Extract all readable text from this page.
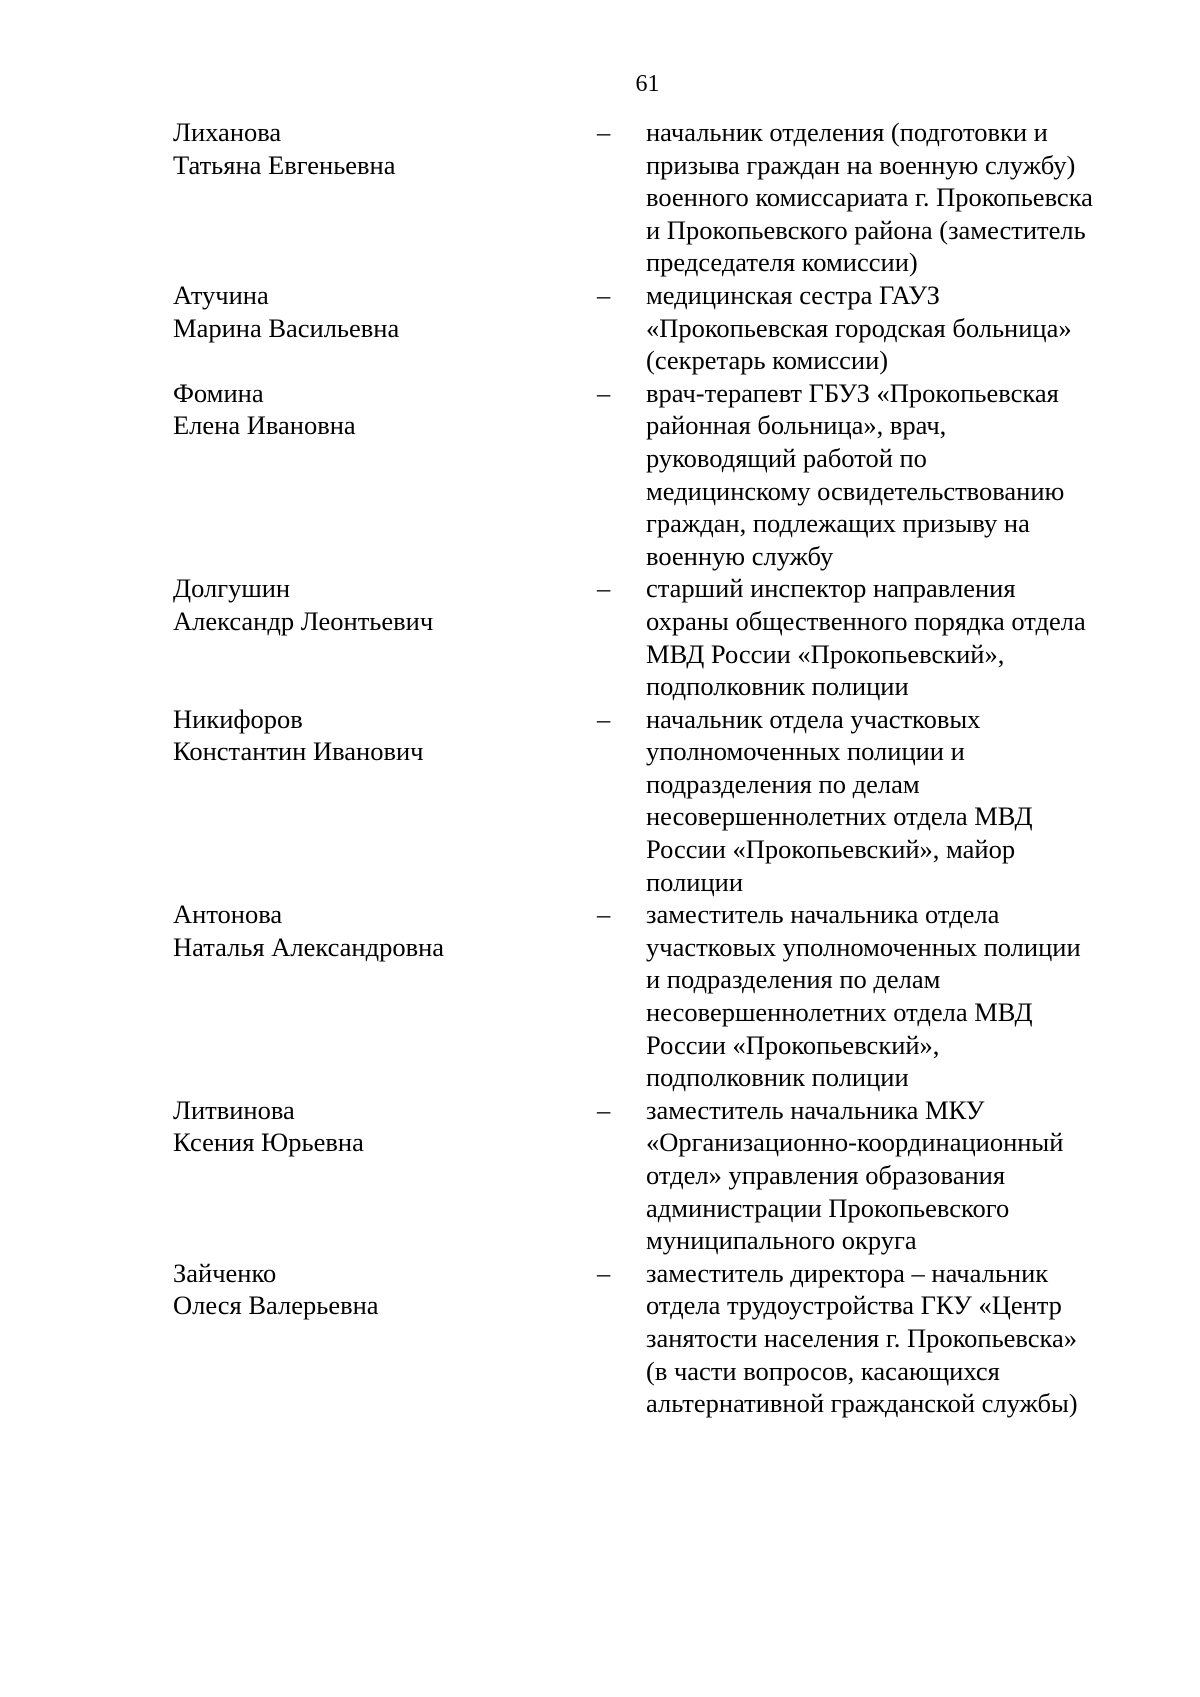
61
Лиханова
Татьяна Евгеньевна
–	начальник отделения (подготовки и
призыва граждан на военную службу)
военного комиссариата г. Прокопьевска
и Прокопьевского района (заместитель
председателя комиссии)
Атучина
Марина Васильевна
–	медицинская сестра ГАУЗ
«Прокопьевская городская больница»
(секретарь комиссии)
Фомина
Елена Ивановна
–	врач-терапевт ГБУЗ «Прокопьевская
районная больница», врач,
руководящий работой по
медицинскому освидетельствованию
граждан, подлежащих призыву на
военную службу
Долгушин
Александр Леонтьевич
–	старший инспектор направления
охраны общественного порядка отдела
МВД России «Прокопьевский»,
подполковник полиции
Никифоров
Константин Иванович
–	начальник отдела участковых
уполномоченных полиции и
подразделения по делам
несовершеннолетних отдела МВД
России «Прокопьевский», майор
полиции
Антонова
Наталья Александровна
–	заместитель начальника отдела
участковых уполномоченных полиции
и подразделения по делам
несовершеннолетних отдела МВД
России «Прокопьевский»,
подполковник полиции
Литвинова
Ксения Юрьевна
–	заместитель начальника МКУ
«Организационно-координационный
отдел» управления образования
администрации Прокопьевского
муниципального округа
Зайченко
Олеся Валерьевна
–	заместитель директора – начальник
отдела трудоустройства ГКУ «Центр
занятости населения г. Прокопьевска»
(в части вопросов, касающихся
альтернативной гражданской службы)
